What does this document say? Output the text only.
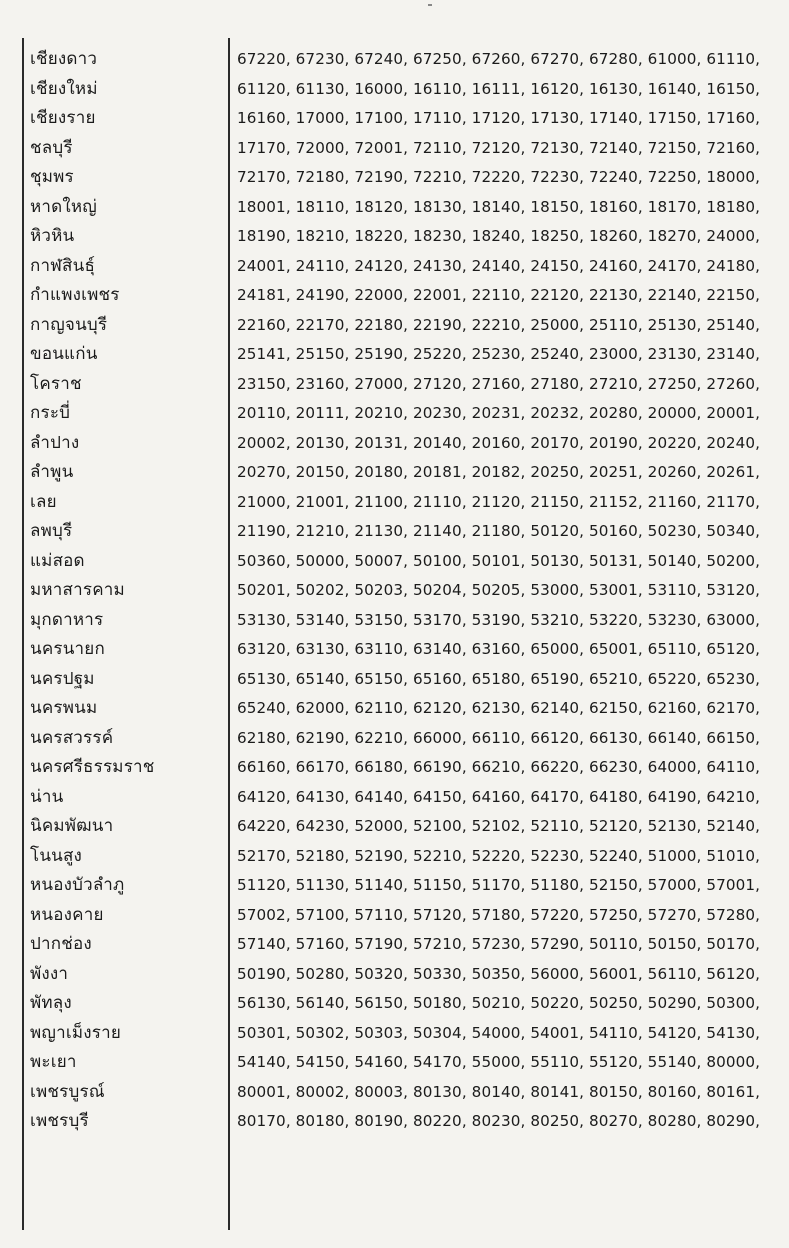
เชียงดาว
เชียงใหม่
เชียงราย
ชลบุรี
ชุมพร
หาดใหญ่
หิวหิน
กาฬสินธุ์
กำแพงเพชร
กาญจนบุรี
ขอนแก่น
โคราช
กระบี่
ลำปาง
ลำพูน
เลย
ลพบุรี
แม่สอด
มหาสารคาม
มุกดาหาร
นครนายก
นครปฐม
นครพนม
นครสวรรค์
นครศรีธรรมราช
น่าน
นิคมพัฒนา
โนนสูง
หนองบัวลำภู
หนองคาย
ปากช่อง
พังงา
พัทลุง
พญาเม็งราย
พะเยา
เพชรบูรณ์
เพชรบุรี
67220, 67230, 67240, 67250, 67260, 67270, 67280, 61000, 61110,
61120, 61130, 16000, 16110, 16111, 16120, 16130, 16140, 16150,
16160, 17000, 17100, 17110, 17120, 17130, 17140, 17150, 17160,
17170, 72000, 72001, 72110, 72120, 72130, 72140, 72150, 72160,
72170, 72180, 72190, 72210, 72220, 72230, 72240, 72250, 18000,
18001, 18110, 18120, 18130, 18140, 18150, 18160, 18170, 18180,
18190, 18210, 18220, 18230, 18240, 18250, 18260, 18270, 24000,
24001, 24110, 24120, 24130, 24140, 24150, 24160, 24170, 24180,
24181, 24190, 22000, 22001, 22110, 22120, 22130, 22140, 22150,
22160, 22170, 22180, 22190, 22210, 25000, 25110, 25130, 25140,
25141, 25150, 25190, 25220, 25230, 25240, 23000, 23130, 23140,
23150, 23160, 27000, 27120, 27160, 27180, 27210, 27250, 27260,
20110, 20111, 20210, 20230, 20231, 20232, 20280, 20000, 20001,
20002, 20130, 20131, 20140, 20160, 20170, 20190, 20220, 20240,
20270, 20150, 20180, 20181, 20182, 20250, 20251, 20260, 20261,
21000, 21001, 21100, 21110, 21120, 21150, 21152, 21160, 21170,
21190, 21210, 21130, 21140, 21180, 50120, 50160, 50230, 50340,
50360, 50000, 50007, 50100, 50101, 50130, 50131, 50140, 50200,
50201, 50202, 50203, 50204, 50205, 53000, 53001, 53110, 53120,
53130, 53140, 53150, 53170, 53190, 53210, 53220, 53230, 63000,
63120, 63130, 63110, 63140, 63160, 65000, 65001, 65110, 65120,
65130, 65140, 65150, 65160, 65180, 65190, 65210, 65220, 65230,
65240, 62000, 62110, 62120, 62130, 62140, 62150, 62160, 62170,
62180, 62190, 62210, 66000, 66110, 66120, 66130, 66140, 66150,
66160, 66170, 66180, 66190, 66210, 66220, 66230, 64000, 64110,
64120, 64130, 64140, 64150, 64160, 64170, 64180, 64190, 64210,
64220, 64230, 52000, 52100, 52102, 52110, 52120, 52130, 52140,
52170, 52180, 52190, 52210, 52220, 52230, 52240, 51000, 51010,
51120, 51130, 51140, 51150, 51170, 51180, 52150, 57000, 57001,
57002, 57100, 57110, 57120, 57180, 57220, 57250, 57270, 57280,
57140, 57160, 57190, 57210, 57230, 57290, 50110, 50150, 50170,
50190, 50280, 50320, 50330, 50350, 56000, 56001, 56110, 56120,
56130, 56140, 56150, 50180, 50210, 50220, 50250, 50290, 50300,
50301, 50302, 50303, 50304, 54000, 54001, 54110, 54120, 54130,
54140, 54150, 54160, 54170, 55000, 55110, 55120, 55140, 80000,
80001, 80002, 80003, 80130, 80140, 80141, 80150, 80160, 80161,
80170, 80180, 80190, 80220, 80230, 80250, 80270, 80280, 80290,
